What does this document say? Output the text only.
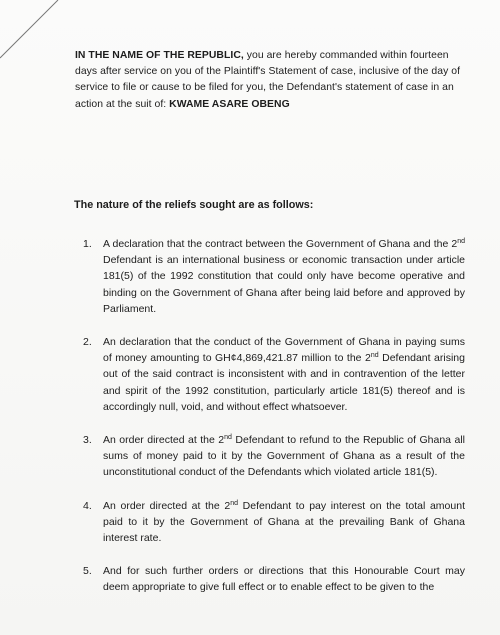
IN THE NAME OF THE REPUBLIC, you are hereby commanded within fourteen days after service on you of the Plaintiff's Statement of case, inclusive of the day of service to file or cause to be filed for you, the Defendant's statement of case in an action at the suit of: KWAME ASARE OBENG

The nature of the reliefs sought are as follows:
1. A declaration that the contract between the Government of Ghana and the 2nd Defendant is an international business or economic transaction under article 181(5) of the 1992 constitution that could only have become operative and binding on the Government of Ghana after being laid before and approved by Parliament.
2. An declaration that the conduct of the Government of Ghana in paying sums of money amounting to GH¢4,869,421.87 million to the 2nd Defendant arising out of the said contract is inconsistent with and in contravention of the letter and spirit of the 1992 constitution, particularly article 181(5) thereof and is accordingly null, void, and without effect whatsoever.
3. An order directed at the 2nd Defendant to refund to the Republic of Ghana all sums of money paid to it by the Government of Ghana as a result of the unconstitutional conduct of the Defendants which violated article 181(5).
4. An order directed at the 2nd Defendant to pay interest on the total amount paid to it by the Government of Ghana at the prevailing Bank of Ghana interest rate.
5. And for such further orders or directions that this Honourable Court may deem appropriate to give full effect or to enable effect to be given to the
